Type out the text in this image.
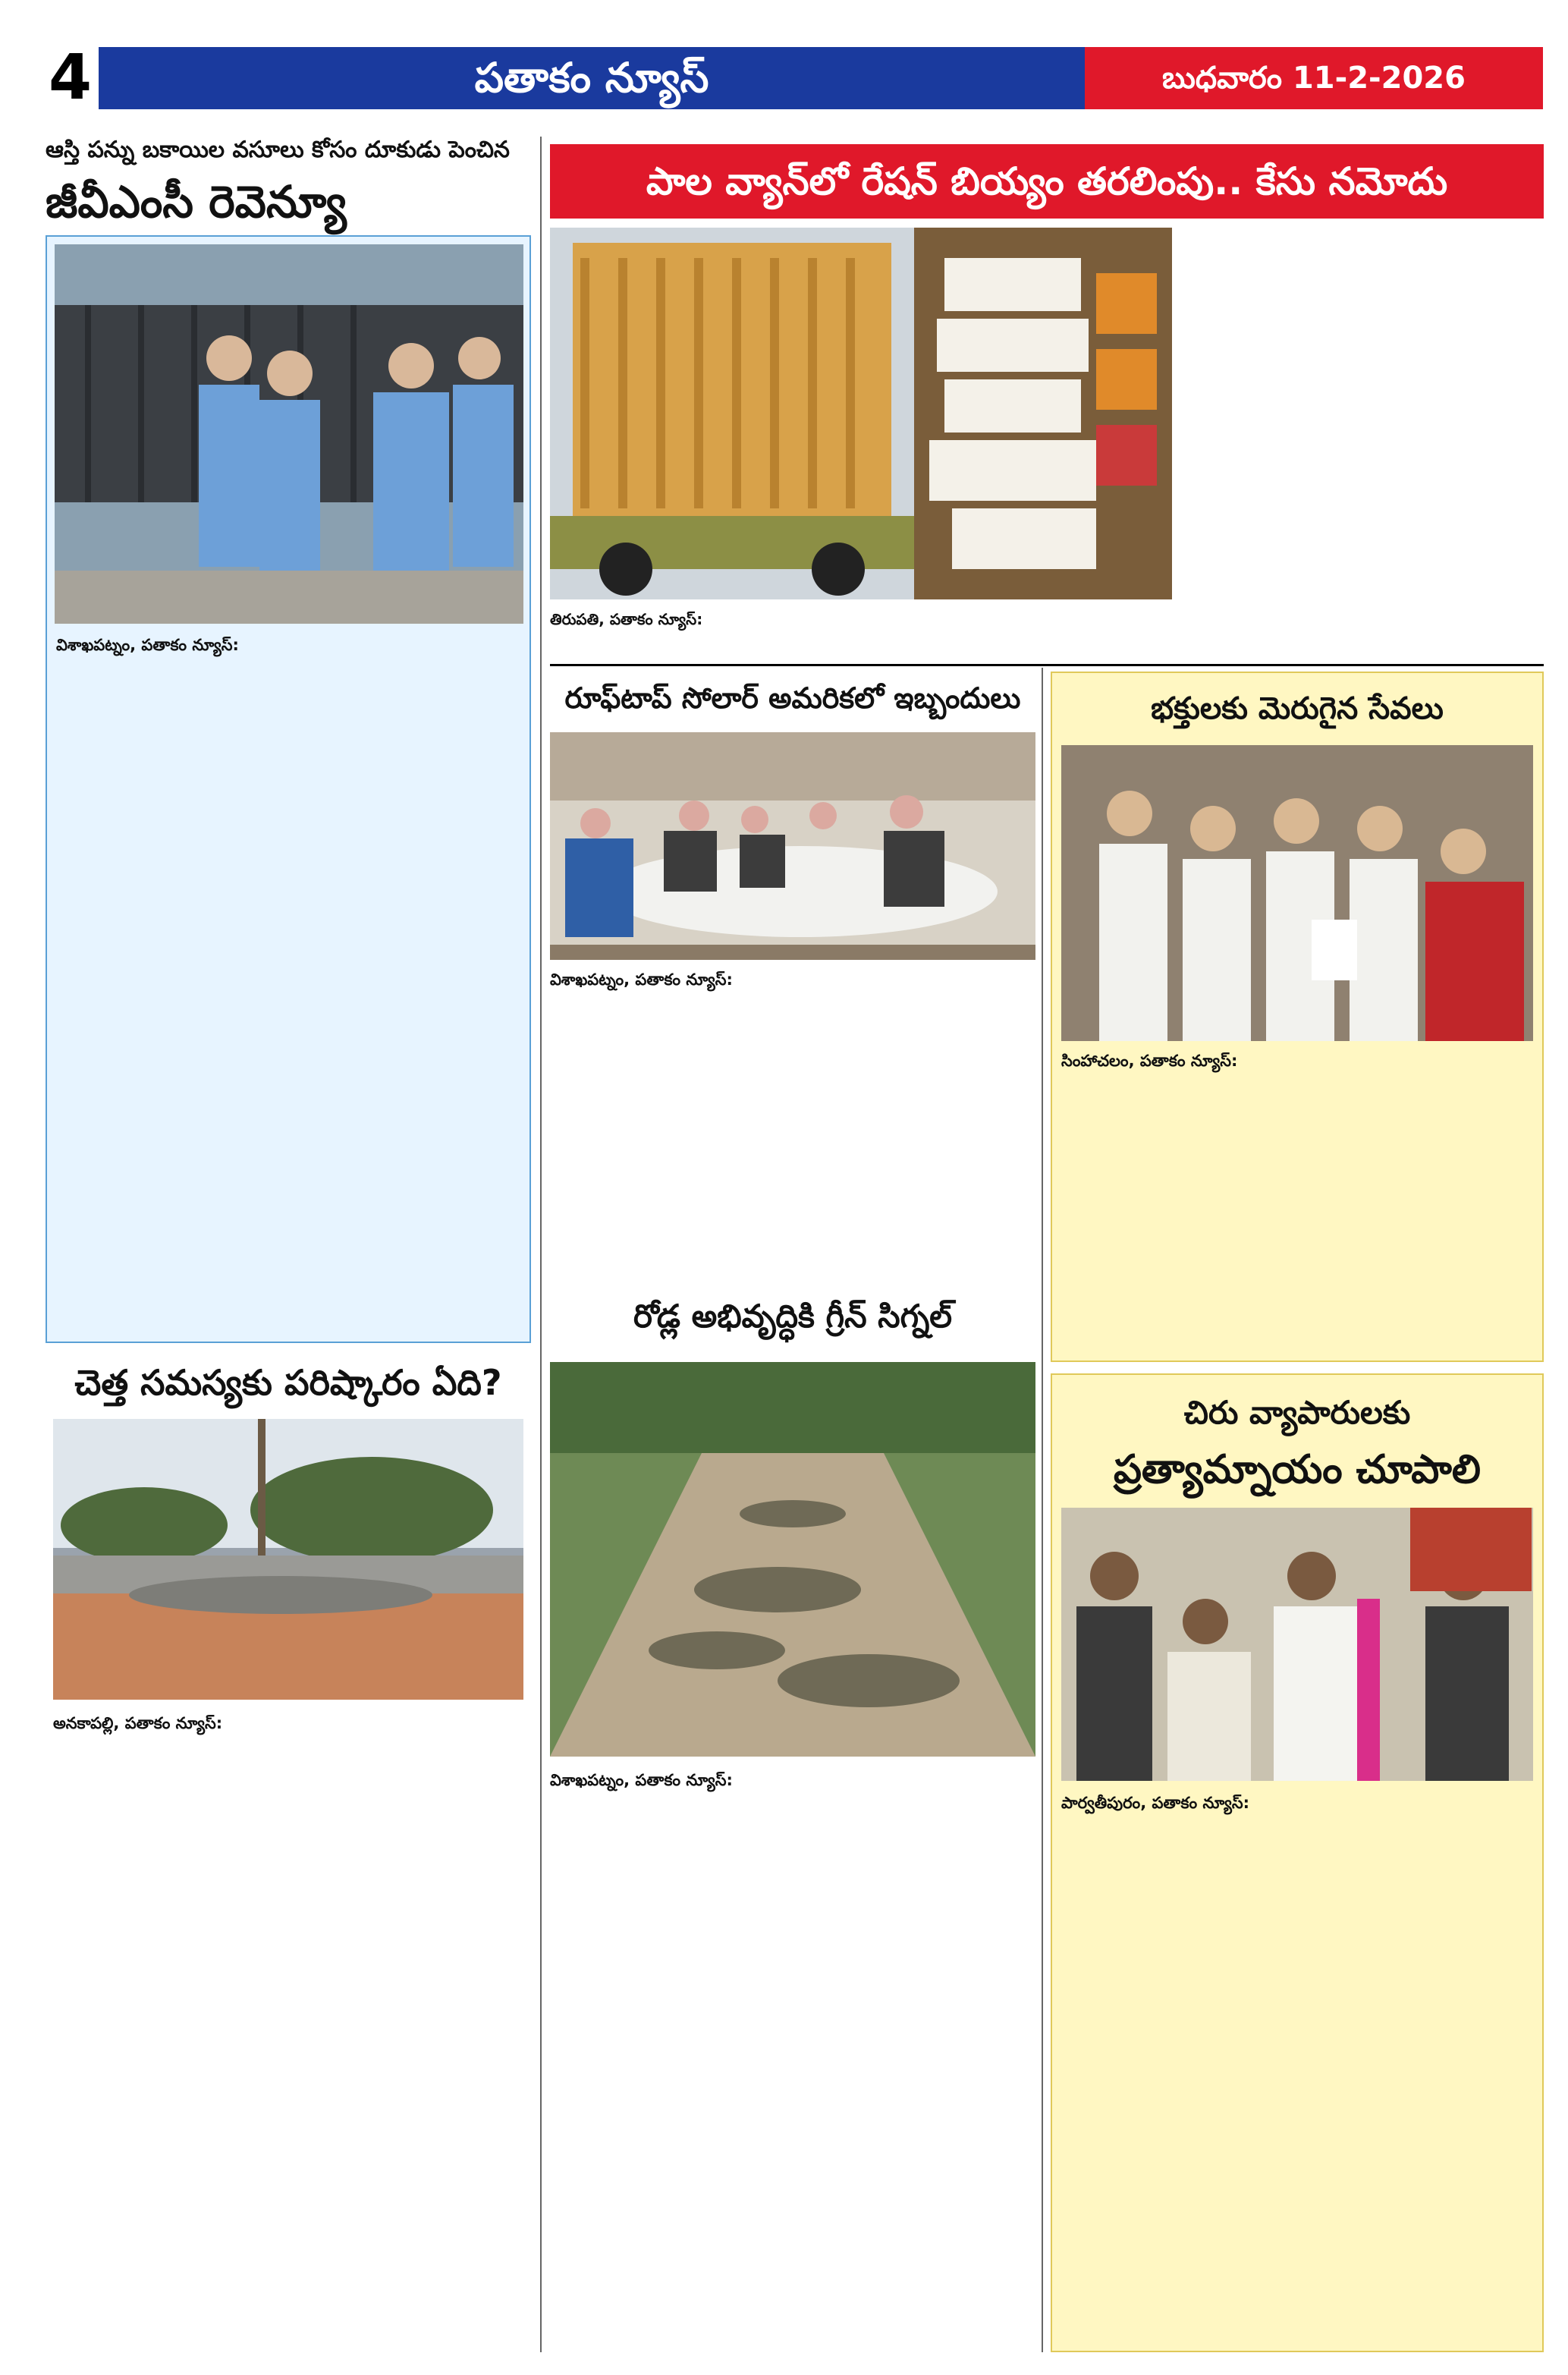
4	పతాకం న్యూస్	బుధవారం 11-2-2026
ఆస్తి పన్ను బకాయిల వసూలు కోసం దూకుడు పెంచిన
జీవీఎంసీ రెవెన్యూ
విశాఖపట్నం, పతాకం న్యూస్:
చెత్త సమస్యకు పరిష్కారం ఏది?
అనకాపల్లి, పతాకం న్యూస్:
పాల వ్యాన్‌లో రేషన్ బియ్యం తరలింపు.. కేసు నమోదు
తిరుపతి, పతాకం న్యూస్:
రూఫ్‌టాప్ సోలార్ అమరికలో ఇబ్బందులు
విశాఖపట్నం, పతాకం న్యూస్:
రోడ్ల అభివృద్ధికి గ్రీన్ సిగ్నల్
విశాఖపట్నం, పతాకం న్యూస్:
భక్తులకు మెరుగైన సేవలు
సింహాచలం, పతాకం న్యూస్:
చిరు వ్యాపారులకు
ప్రత్యామ్నాయం చూపాలి
పార్వతీపురం, పతాకం న్యూస్:
